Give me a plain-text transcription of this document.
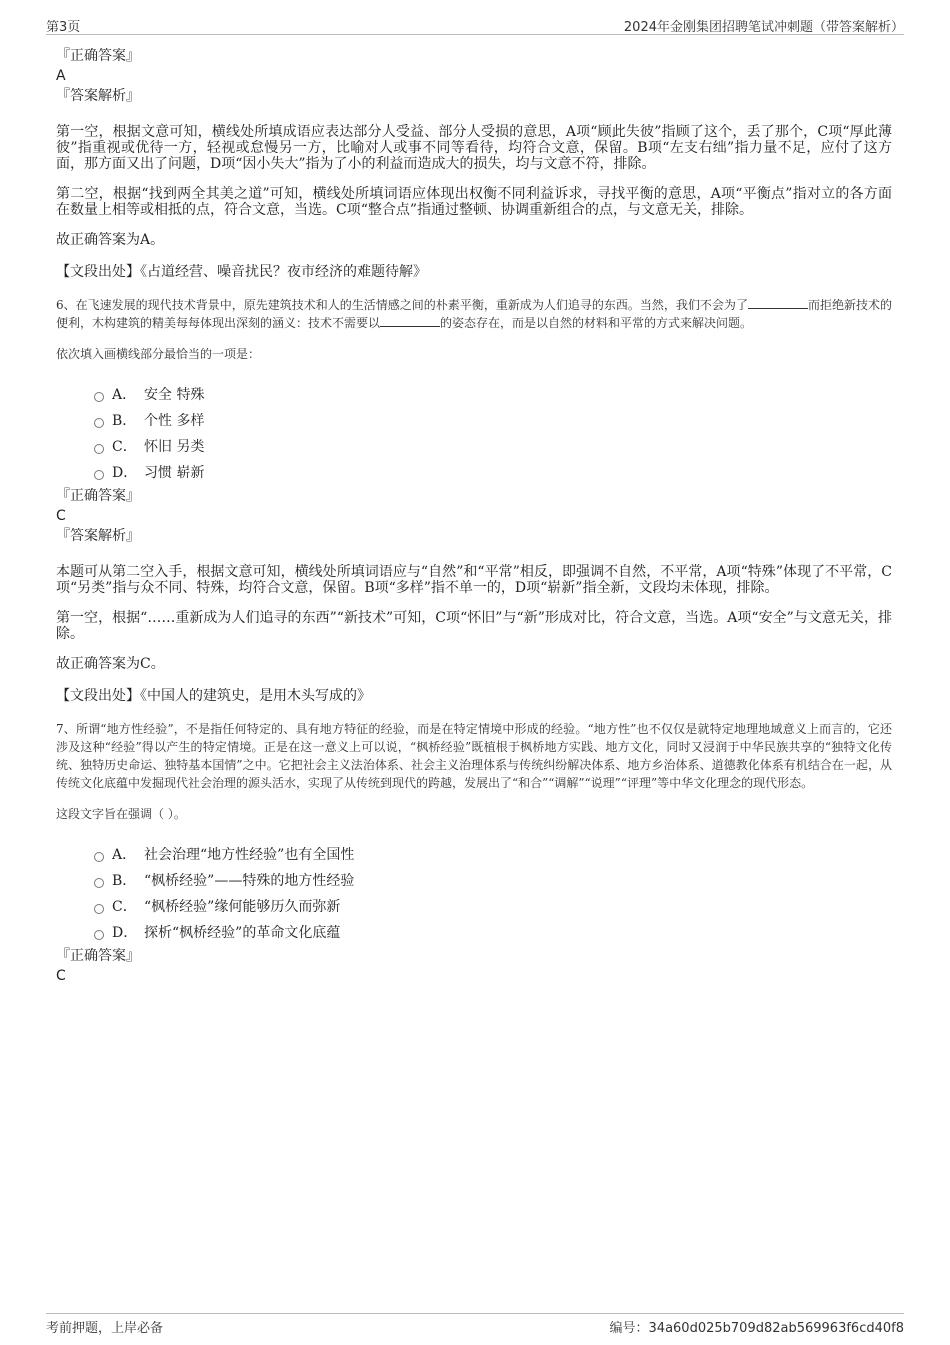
第3页	2024年金刚集团招聘笔试冲刺题（带答案解析）

『正确答案』

A

『答案解析』

第一空，根据文意可知，横线处所填成语应表达部分人受益、部分人受损的意思，A项“顾此失彼”指顾了这个，丢了那个，C项“厚此薄彼”指重视或优待一方，轻视或怠慢另一方，比喻对人或事不同等看待，均符合文意，保留。B项“左支右绌”指力量不足，应付了这方面，那方面又出了问题，D项“因小失大”指为了小的利益而造成大的损失，均与文意不符，排除。

第二空，根据“找到两全其美之道”可知，横线处所填词语应体现出权衡不同利益诉求，寻找平衡的意思，A项“平衡点”指对立的各方面在数量上相等或相抵的点，符合文意，当选。C项“整合点”指通过整顿、协调重新组合的点，与文意无关，排除。

故正确答案为A。

【文段出处】《占道经营、噪音扰民？夜市经济的难题待解》

6、在飞速发展的现代技术背景中，原先建筑技术和人的生活情感之间的朴素平衡，重新成为人们追寻的东西。当然，我们不会为了	而拒绝新技术的便利，木构建筑的精美每每体现出深刻的涵义：技术不需要以	的姿态存在，而是以自然的材料和平常的方式来解决问题。

依次填入画横线部分最恰当的一项是：

A． 安全 特殊
B． 个性 多样
C． 怀旧 另类
D． 习惯 崭新

『正确答案』

C

『答案解析』

本题可从第二空入手，根据文意可知，横线处所填词语应与“自然”和“平常”相反，即强调不自然，不平常，A项“特殊”体现了不平常，C项“另类”指与众不同、特殊，均符合文意，保留。B项“多样”指不单一的，D项“崭新”指全新，文段均未体现，排除。

第一空，根据“……重新成为人们追寻的东西”“新技术”可知，C项“怀旧”与“新”形成对比，符合文意，当选。A项“安全”与文意无关，排除。

故正确答案为C。

【文段出处】《中国人的建筑史，是用木头写成的》

7、所谓“地方性经验”，不是指任何特定的、具有地方特征的经验，而是在特定情境中形成的经验。“地方性”也不仅仅是就特定地理地域意义上而言的，它还涉及这种“经验”得以产生的特定情境。正是在这一意义上可以说，“枫桥经验”既植根于枫桥地方实践、地方文化，同时又浸润于中华民族共享的“独特文化传统、独特历史命运、独特基本国情”之中。它把社会主义法治体系、社会主义治理体系与传统纠纷解决体系、地方乡治体系、道德教化体系有机结合在一起，从传统文化底蕴中发掘现代社会治理的源头活水，实现了从传统到现代的跨越，发展出了“和合”“调解”“说理”“评理”等中华文化理念的现代形态。

这段文字旨在强调（ ）。

A． 社会治理“地方性经验”也有全国性
B． “枫桥经验”——特殊的地方性经验
C． “枫桥经验”缘何能够历久而弥新
D． 探析“枫桥经验”的革命文化底蕴

『正确答案』

C

考前押题，上岸必备	编号：34a60d025b709d82ab569963f6cd40f8
